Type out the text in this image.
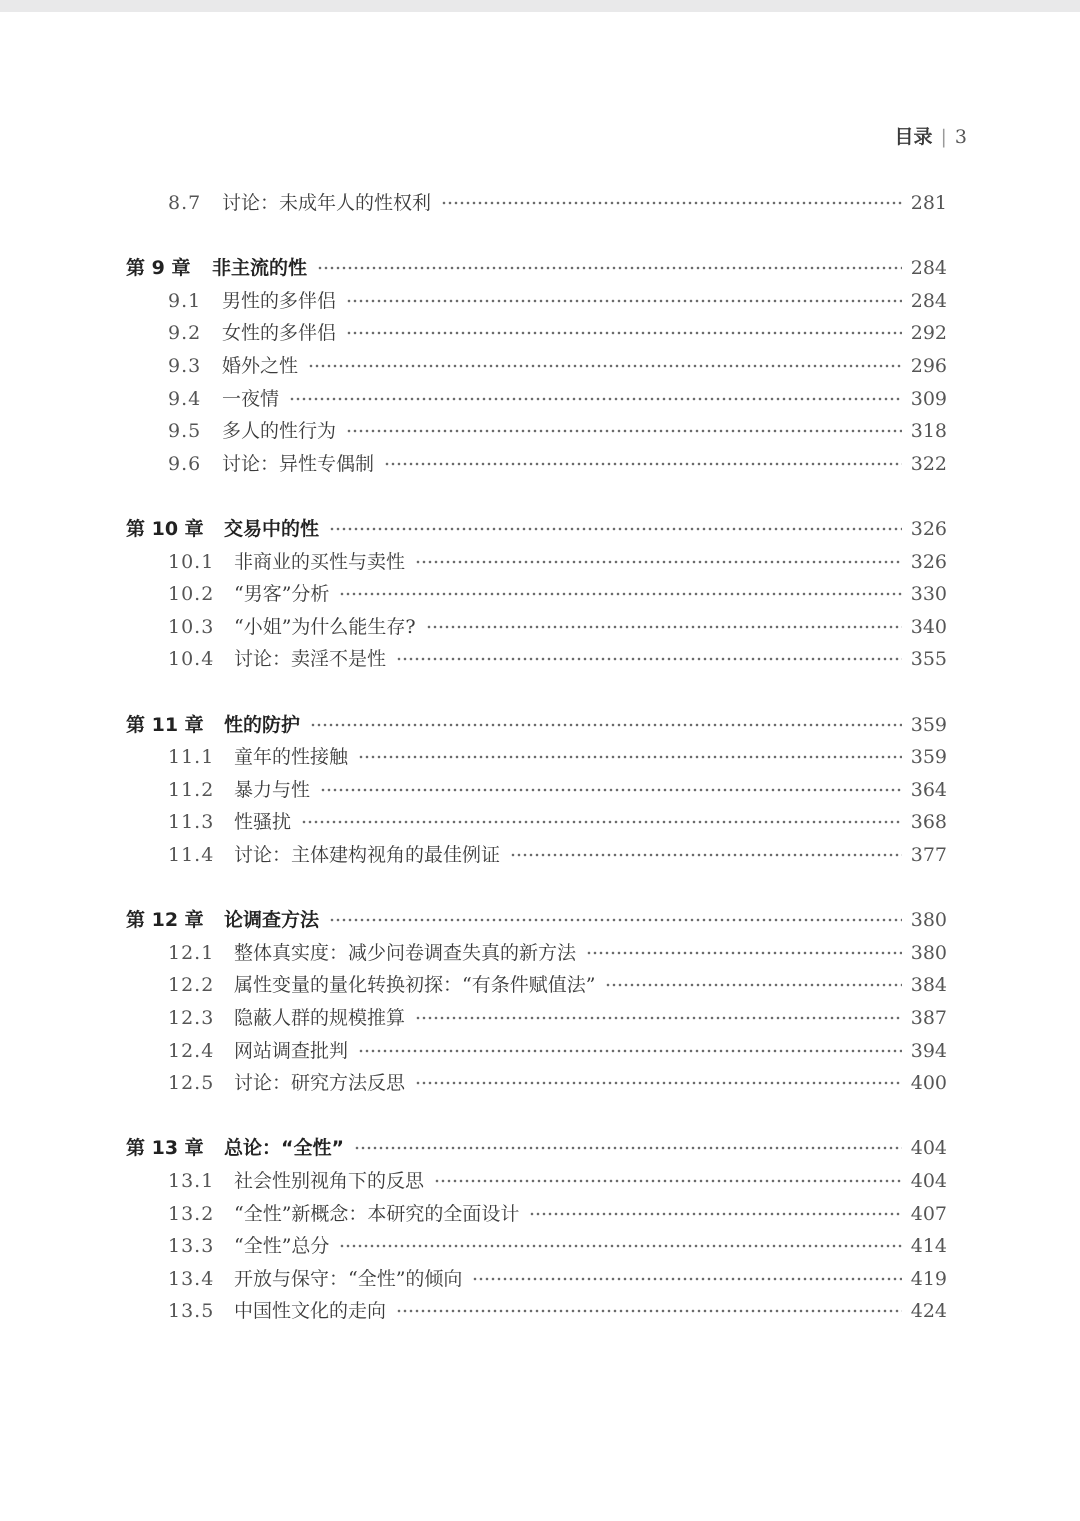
目录 | 3
8.7 讨论：未成年人的性权利	281
第 9 章 非主流的性	284
9.1 男性的多伴侣	284
9.2 女性的多伴侣	292
9.3 婚外之性	296
9.4 一夜情	309
9.5 多人的性行为	318
9.6 讨论：异性专偶制	322
第 10 章 交易中的性	326
10.1 非商业的买性与卖性	326
10.2 “男客”分析	330
10.3 “小姐”为什么能生存?	340
10.4 讨论：卖淫不是性	355
第 11 章 性的防护	359
11.1 童年的性接触	359
11.2 暴力与性	364
11.3 性骚扰	368
11.4 讨论：主体建构视角的最佳例证	377
第 12 章 论调查方法	380
12.1 整体真实度：减少问卷调查失真的新方法	380
12.2 属性变量的量化转换初探：“有条件赋值法”	384
12.3 隐蔽人群的规模推算	387
12.4 网站调查批判	394
12.5 讨论：研究方法反思	400
第 13 章 总论：“全性”	404
13.1 社会性别视角下的反思	404
13.2 “全性”新概念：本研究的全面设计	407
13.3 “全性”总分	414
13.4 开放与保守：“全性”的倾向	419
13.5 中国性文化的走向	424
